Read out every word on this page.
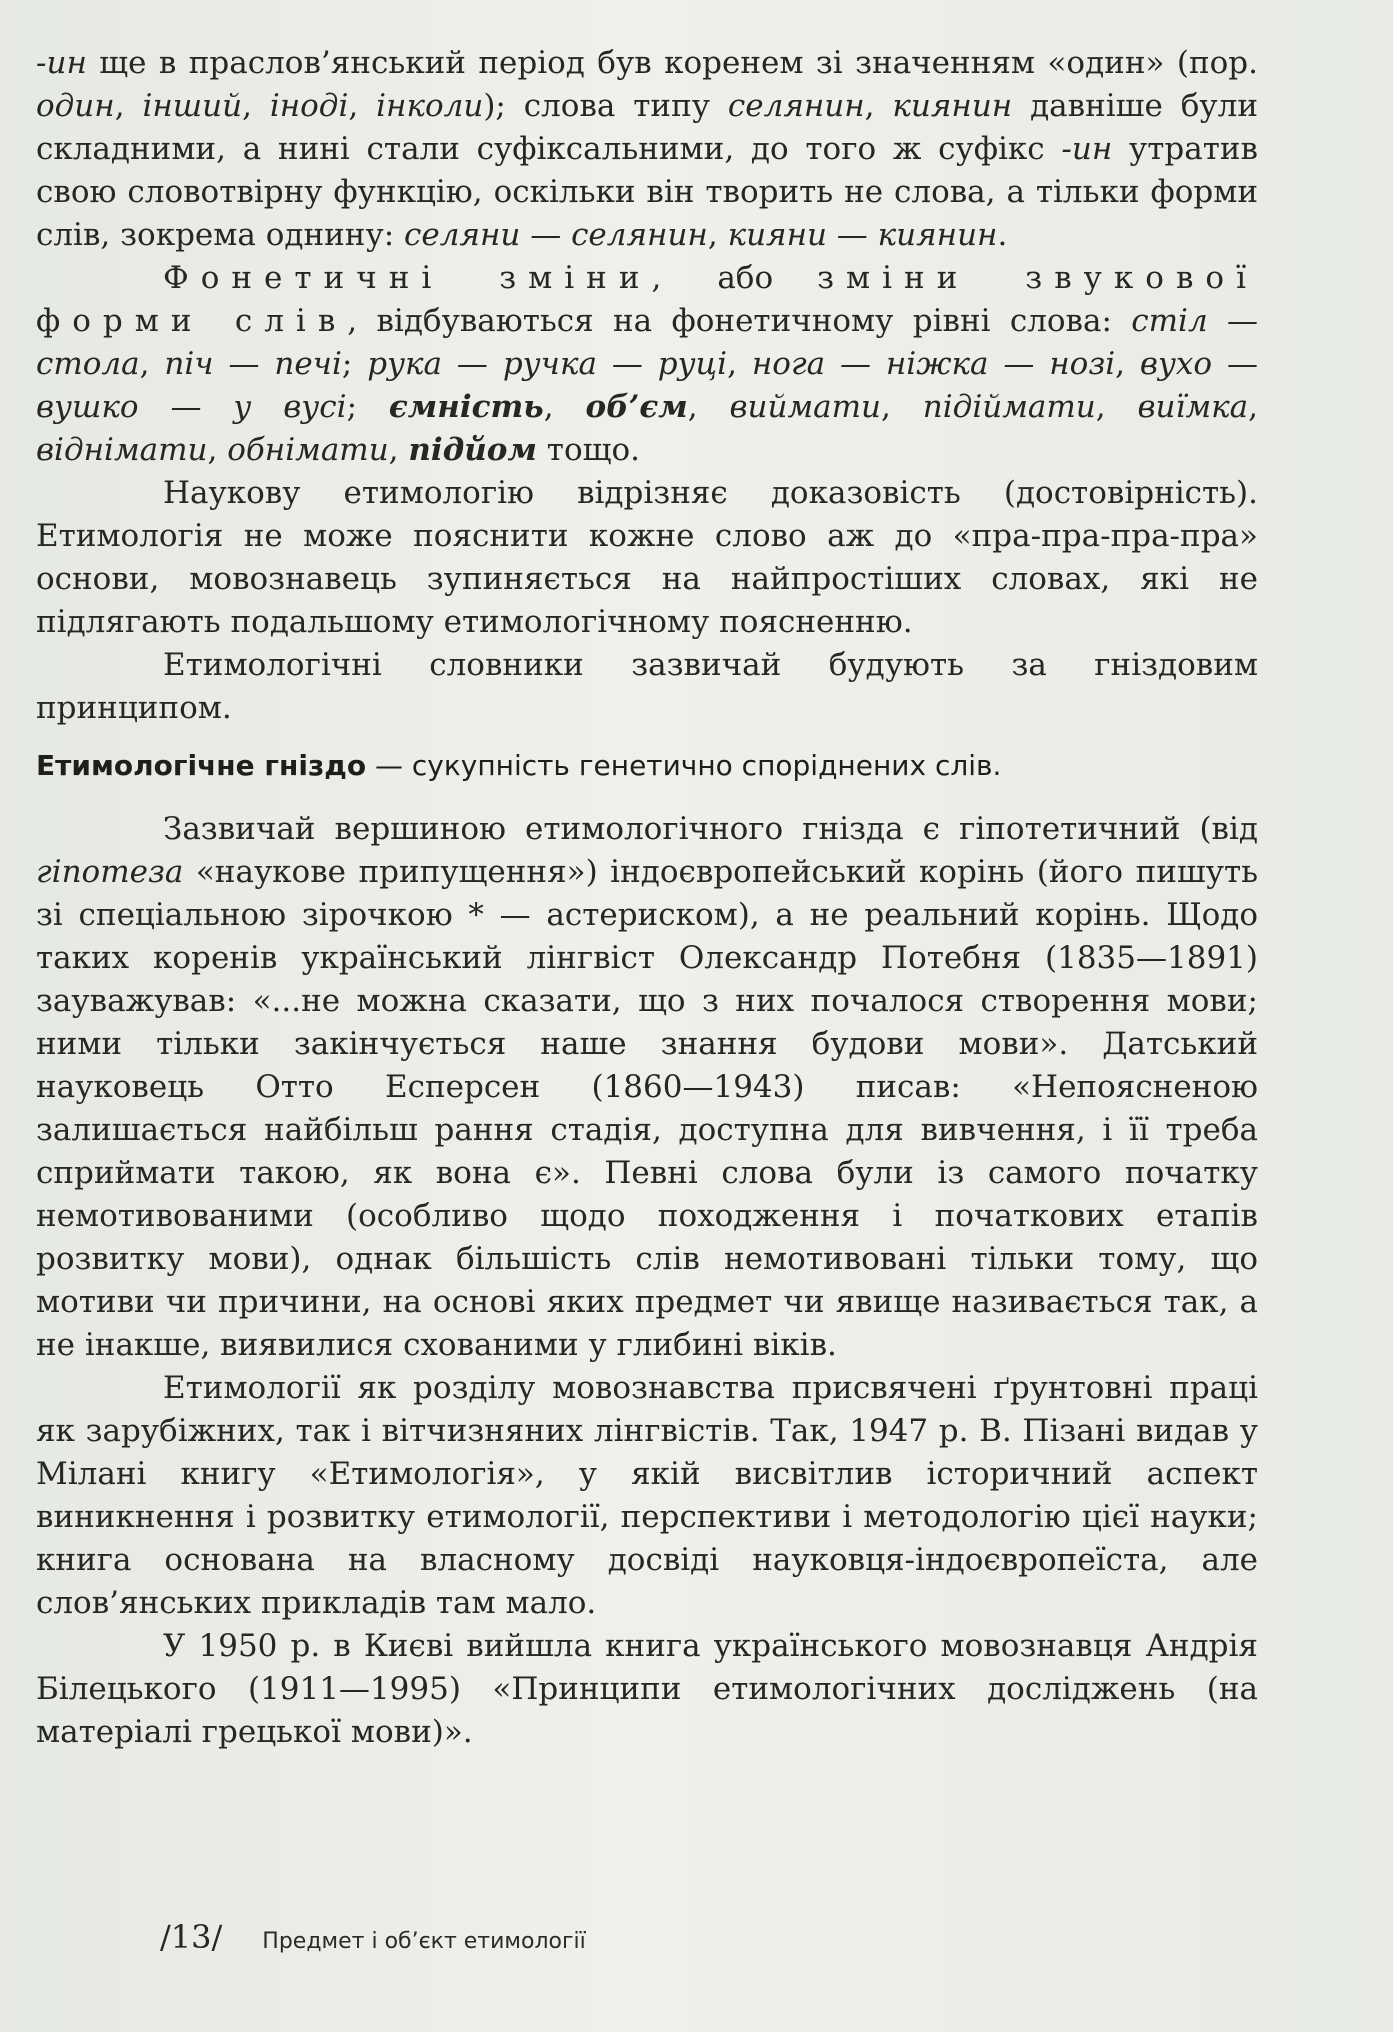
-ин ще в праслов’янський період був коренем зі значенням «один» (пор. один, інший, іноді, інколи); слова типу селянин, киянин давніше були складними, а нині стали суфіксальними, до того ж суфікс -ин утратив свою словотвірну функцію, оскільки він творить не слова, а тільки форми слів, зокрема однину: селяни — селянин, кияни — киянин.

Фонетичні зміни, або зміни звукової форми слів, відбуваються на фонетичному рівні слова: стіл — стола, піч — печі; рука — ручка — руці, нога — ніжка — нозі, вухо — вушко — у вусі; ємність, об’єм, виймати, підіймати, виїмка, віднімати, обнімати, підйом тощо.

Наукову етимологію відрізняє доказовість (достовірність). Етимологія не може пояснити кожне слово аж до «пра-пра-пра-пра» основи, мовознавець зупиняється на найпростіших словах, які не підлягають подальшому етимологічному поясненню.

Етимологічні словники зазвичай будують за гніздовим принципом.

Етимологічне гніздо — сукупність генетично споріднених слів.

Зазвичай вершиною етимологічного гнізда є гіпотетичний (від гіпотеза «наукове припущення») індоєвропейський корінь (його пишуть зі спеціальною зірочкою * — астериском), а не реальний корінь. Щодо таких коренів український лінгвіст Олександр Потебня (1835—1891) зауважував: «...не можна сказати, що з них почалося створення мови; ними тільки закінчується наше знання будови мови». Датський науковець Отто Есперсен (1860—1943) писав: «Непоясненою залишається найбільш рання стадія, доступна для вивчення, і її треба сприймати такою, як вона є». Певні слова були із самого початку немотивованими (особливо щодо походження і початкових етапів розвитку мови), однак більшість слів немотивовані тільки тому, що мотиви чи причини, на основі яких предмет чи явище називається так, а не інакше, виявилися схованими у глибині віків.

Етимології як розділу мовознавства присвячені ґрунтовні праці як зарубіжних, так і вітчизняних лінгвістів. Так, 1947 р. В. Пізані видав у Мілані книгу «Етимологія», у якій висвітлив історичний аспект виникнення і розвитку етимології, перспективи і методологію цієї науки; книга основана на власному досвіді науковця-індоєвропеїста, але слов’янських прикладів там мало.

У 1950 р. в Києві вийшла книга українського мовознавця Андрія Білецького (1911—1995) «Принципи етимологічних досліджень (на матеріалі грецької мови)».

/13/ Предмет і об’єкт етимології
